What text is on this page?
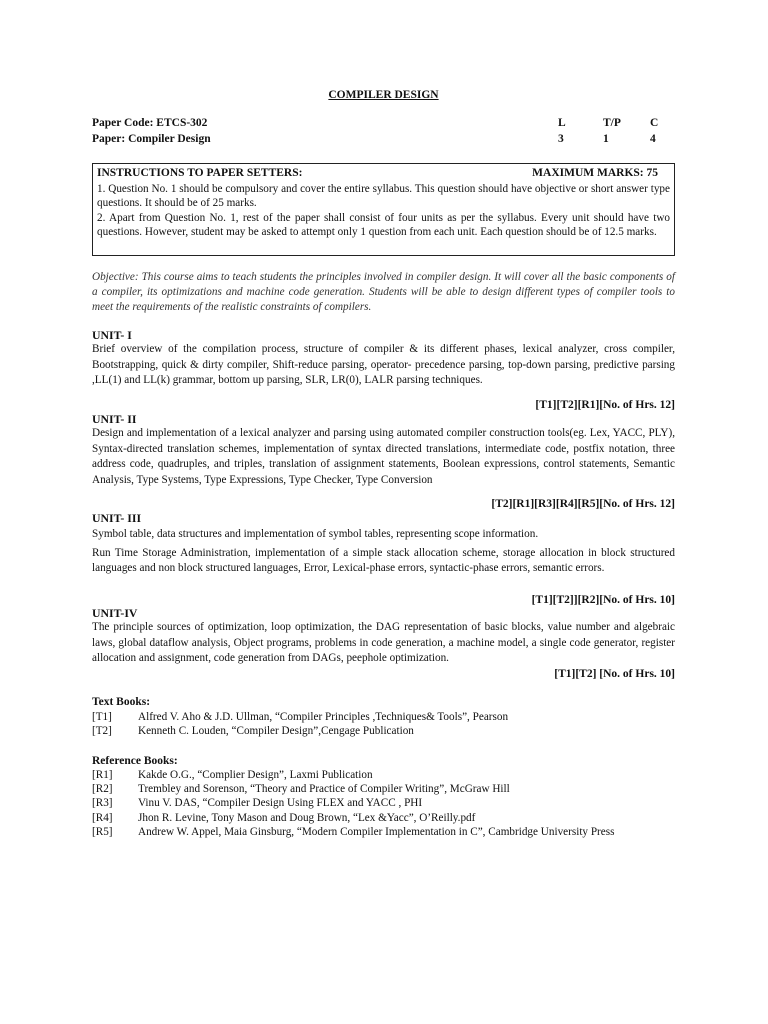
COMPILER DESIGN
Paper Code: ETCS-302	L	T/P	C
Paper: Compiler Design	3	1	4
INSTRUCTIONS TO PAPER SETTERS:	MAXIMUM MARKS: 75

1. Question No. 1 should be compulsory and cover the entire syllabus. This question should have objective or short answer type questions. It should be of 25 marks.

2. Apart from Question No. 1, rest of the paper shall consist of four units as per the syllabus. Every unit should have two questions. However, student may be asked to attempt only 1 question from each unit. Each question should be of 12.5 marks.

Objective: This course aims to teach students the principles involved in compiler design. It will cover all the basic components of a compiler, its optimizations and machine code generation. Students will be able to design different types of compiler tools to meet the requirements of the realistic constraints of compilers.
UNIT- I

Brief overview of the compilation process, structure of compiler & its different phases, lexical analyzer, cross compiler, Bootstrapping, quick & dirty compiler, Shift-reduce parsing, operator- precedence parsing, top-down parsing, predictive parsing ,LL(1) and LL(k) grammar, bottom up parsing, SLR, LR(0), LALR parsing techniques.

[T1][T2][R1][No. of Hrs. 12]
UNIT- II

Design and implementation of a lexical analyzer and parsing using automated compiler construction tools(eg. Lex, YACC, PLY), Syntax-directed translation schemes, implementation of syntax directed translations, intermediate code, postfix notation, three address code, quadruples, and triples, translation of assignment statements, Boolean expressions, control statements, Semantic Analysis, Type Systems, Type Expressions, Type Checker, Type Conversion

[T2][R1][R3][R4][R5][No. of Hrs. 12]
UNIT- III

Symbol table, data structures and implementation of symbol tables, representing scope information.

Run Time Storage Administration, implementation of a simple stack allocation scheme, storage allocation in block structured languages and non block structured languages, Error, Lexical-phase errors, syntactic-phase errors, semantic errors.

[T1][T2]][R2][No. of Hrs. 10]
UNIT-IV

The principle sources of optimization, loop optimization, the DAG representation of basic blocks, value number and algebraic laws, global dataflow analysis, Object programs, problems in code generation, a machine model, a single code generator, register allocation and assignment, code generation from DAGs, peephole optimization.

[T1][T2] [No. of Hrs. 10]
Text Books:
[T1]	Alfred V. Aho & J.D. Ullman, “Compiler Principles ,Techniques& Tools”, Pearson
[T2]	Kenneth C. Louden, “Compiler Design”,Cengage Publication
Reference Books:
[R1]	Kakde O.G., “Complier Design”, Laxmi Publication
[R2]	Trembley and Sorenson, “Theory and Practice of Compiler Writing”, McGraw Hill
[R3]	Vinu V. DAS, “Compiler Design Using FLEX and YACC , PHI
[R4]	Jhon R. Levine, Tony Mason and Doug Brown, “Lex &Yacc”, O’Reilly.pdf
[R5]	Andrew W. Appel, Maia Ginsburg, “Modern Compiler Implementation in C”, Cambridge University Press
